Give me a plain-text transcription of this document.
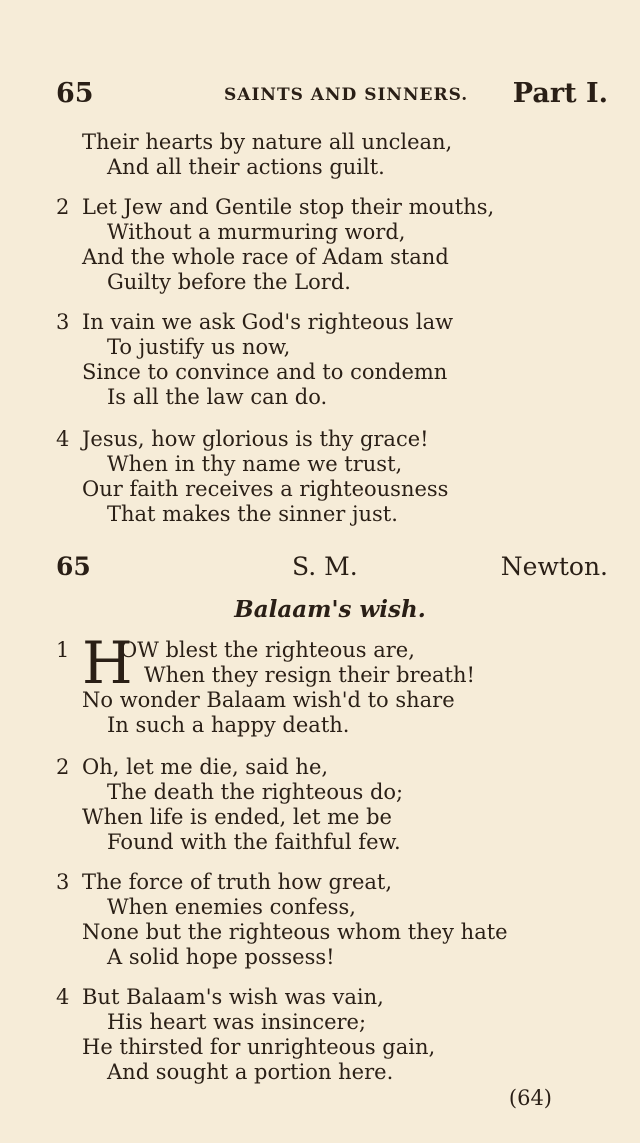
65	SAINTS AND SINNERS. Part I.
Their hearts by nature all unclean,
And all their actions guilt.
2 Let Jew and Gentile stop their mouths,
Without a murmuring word,
And the whole race of Adam stand
Guilty before the Lord.
3 In vain we ask God's righteous law
To justify us now,
Since to convince and to condemn
Is all the law can do.
4 Jesus, how glorious is thy grace!
When in thy name we trust,
Our faith receives a righteousness
That makes the sinner just.
65	S. M.	Newton.
Balaam's wish.
H
1	OW blest the righteous are,
When they resign their breath!
No wonder Balaam wish'd to share
In such a happy death.
2 Oh, let me die, said he,
The death the righteous do;
When life is ended, let me be
Found with the faithful few.
3 The force of truth how great,
When enemies confess,
None but the righteous whom they hate
A solid hope possess!
4 But Balaam's wish was vain,
His heart was insincere;
He thirsted for unrighteous gain,
And sought a portion here.
(64)
